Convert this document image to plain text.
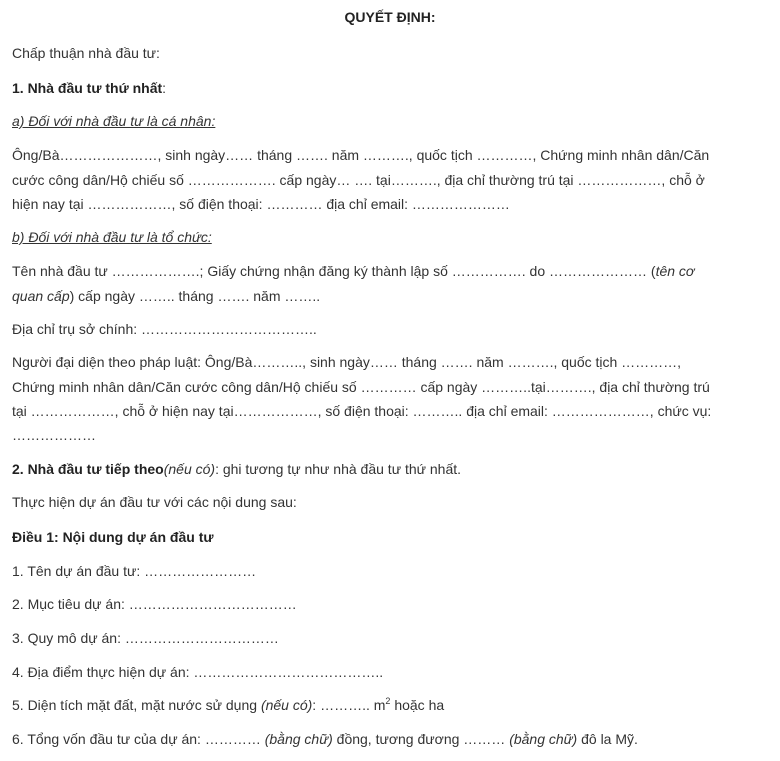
QUYẾT ĐỊNH:
Chấp thuận nhà đầu tư:
1. Nhà đầu tư thứ nhất:
a) Đối với nhà đầu tư là cá nhân:
Ông/Bà…………………, sinh ngày…… tháng ……. năm ………., quốc tịch …………, Chứng minh nhân dân/Căn
cước công dân/Hộ chiếu số ………………. cấp ngày… …. tại………., địa chỉ thường trú tại ………………, chỗ ở
hiện nay tại ………………, số điện thoại: ………… địa chỉ email: …………………
b) Đối với nhà đầu tư là tổ chức:
Tên nhà đầu tư ……………….; Giấy chứng nhận đăng ký thành lập số ……………. do ………………… (tên cơ
quan cấp) cấp ngày …….. tháng ……. năm ……..
Địa chỉ trụ sở chính: ………………………………..
Người đại diện theo pháp luật: Ông/Bà……….., sinh ngày…… tháng ……. năm ………., quốc tịch …………,
Chứng minh nhân dân/Căn cước công dân/Hộ chiếu số ………… cấp ngày ………..tại………., địa chỉ thường trú
tại ………………, chỗ ở hiện nay tại………………, số điện thoại: ……….. địa chỉ email: …………………, chức vụ:
………………
2. Nhà đầu tư tiếp theo(nếu có): ghi tương tự như nhà đầu tư thứ nhất.
Thực hiện dự án đầu tư với các nội dung sau:
Điều 1: Nội dung dự án đầu tư
1. Tên dự án đầu tư: ……………………
2. Mục tiêu dự án: ………………………………
3. Quy mô dự án: ……………………………
4. Địa điểm thực hiện dự án: …………………………………..
5. Diện tích mặt đất, mặt nước sử dụng (nếu có): ……….. $m^2$ hoặc ha
6. Tổng vốn đầu tư của dự án: ………… (bằng chữ) đồng, tương đương ……… (bằng chữ) đô la Mỹ.
